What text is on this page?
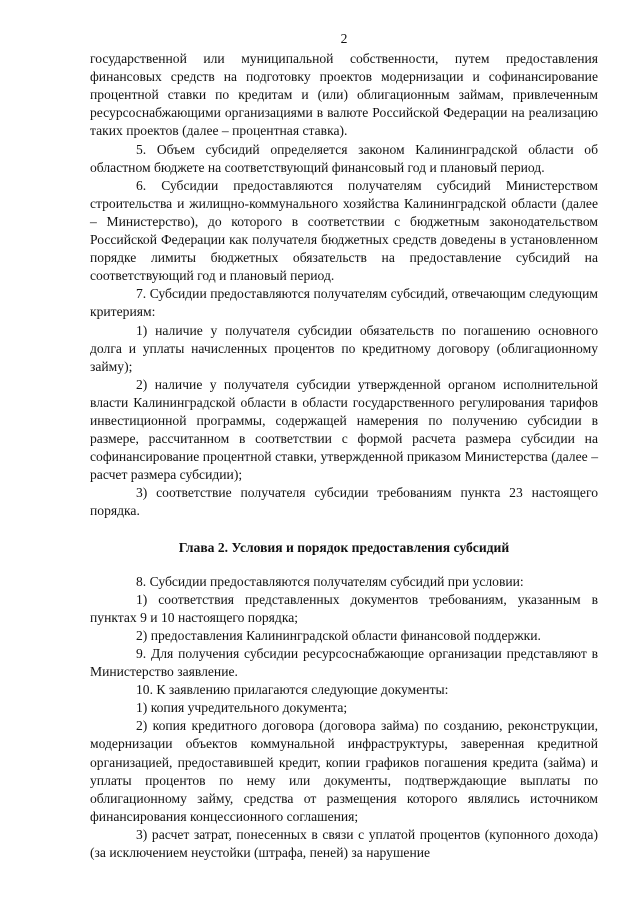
2

государственной или муниципальной собственности, путем предоставления финансовых средств на подготовку проектов модернизации и софинансирование процентной ставки по кредитам и (или) облигационным займам, привлеченным ресурсоснабжающими организациями в валюте Российской Федерации на реализацию таких проектов (далее – процентная ставка).

5. Объем субсидий определяется законом Калининградской области об областном бюджете на соответствующий финансовый год и плановый период.

6. Субсидии предоставляются получателям субсидий Министерством строительства и жилищно-коммунального хозяйства Калининградской области (далее – Министерство), до которого в соответствии с бюджетным законодательством Российской Федерации как получателя бюджетных средств доведены в установленном порядке лимиты бюджетных обязательств на предоставление субсидий на соответствующий год и плановый период.

7. Субсидии предоставляются получателям субсидий, отвечающим следующим критериям:

1) наличие у получателя субсидии обязательств по погашению основного долга и уплаты начисленных процентов по кредитному договору (облигационному займу);

2) наличие у получателя субсидии утвержденной органом исполнительной власти Калининградской области в области государственного регулирования тарифов инвестиционной программы, содержащей намерения по получению субсидии в размере, рассчитанном в соответствии с формой расчета размера субсидии на софинансирование процентной ставки, утвержденной приказом Министерства (далее – расчет размера субсидии);

3) соответствие получателя субсидии требованиям пункта 23 настоящего порядка.

Глава 2. Условия и порядок предоставления субсидий

8. Субсидии предоставляются получателям субсидий при условии:

1) соответствия представленных документов требованиям, указанным в пунктах 9 и 10 настоящего порядка;

2) предоставления Калининградской области финансовой поддержки.

9. Для получения субсидии ресурсоснабжающие организации представляют в Министерство заявление.

10. К заявлению прилагаются следующие документы:

1) копия учредительного документа;

2) копия кредитного договора (договора займа) по созданию, реконструкции, модернизации объектов коммунальной инфраструктуры, заверенная кредитной организацией, предоставившей кредит, копии графиков погашения кредита (займа) и уплаты процентов по нему или документы, подтверждающие выплаты по облигационному займу, средства от размещения которого являлись источником финансирования концессионного соглашения;

3) расчет затрат, понесенных в связи с уплатой процентов (купонного дохода) (за исключением неустойки (штрафа, пеней) за нарушение
